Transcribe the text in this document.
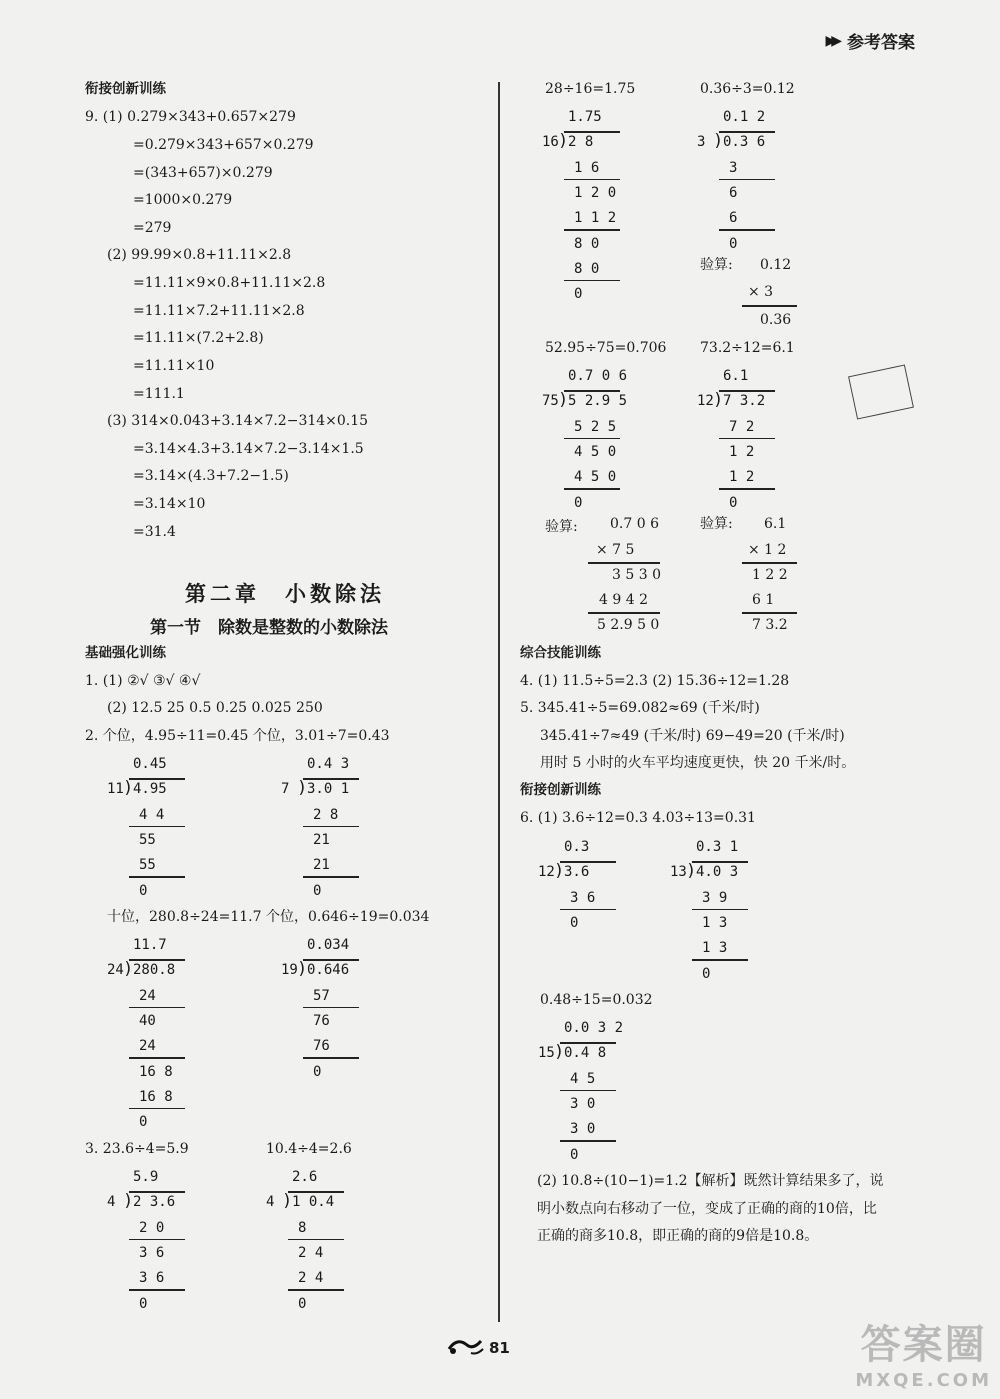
▶▶ 参考答案
衔接创新训练
9. (1) 0.279×343+0.657×279
=0.279×343+657×0.279
=(343+657)×0.279
=1000×0.279
=279
(2) 99.99×0.8+11.11×2.8
=11.11×9×0.8+11.11×2.8
=11.11×7.2+11.11×2.8
=11.11×(7.2+2.8)
=11.11×10
=111.1
(3) 314×0.043+3.14×7.2−314×0.15
=3.14×4.3+3.14×7.2−3.14×1.5
=3.14×(4.3+7.2−1.5)
=3.14×10
=31.4
第二章　小数除法
第一节　除数是整数的小数除法
基础强化训练
1. (1) ②√ ③√ ④√
(2) 12.5 25 0.5 0.25 0.025 250
2. 个位，4.95÷11=0.45 个位，3.01÷7=0.43
0.45
11 ) 4.95
4 4
55
55
0
0.4 3
7 ) 3.0 1
2 8
21
21
0
十位，280.8÷24=11.7 个位，0.646÷19=0.034
11.7
24 ) 280.8
24
40
24
16 8
16 8
0
0.034
19 ) 0.646
57
76
76
0
3. 23.6÷4=5.9	10.4÷4=2.6
5.9
4 ) 2 3.6
2 0
3 6
3 6
0
2.6
4 ) 1 0.4
8
2 4
2 4
0
28÷16=1.75	0.36÷3=0.12
1.75
16 ) 2 8
1 6
1 2 0
1 1 2
8 0
8 0
0
0.1 2
3 ) 0.3 6
3
6
6
0
验算: 0.12
× 3
0.36
52.95÷75=0.706 73.2÷12=6.1
0.7 0 6
75 ) 5 2.9 5
5 2 5
4 5 0
4 5 0
0
6.1
12 ) 7 3.2
7 2
1 2
1 2
0
验算: 0.7 0 6
× 7 5
3 5 3 0
4 9 4 2
5 2.9 5 0
验算: 6.1
× 1 2
1 2 2
6 1
7 3.2
综合技能训练
4. (1) 11.5÷5=2.3 (2) 15.36÷12=1.28
5. 345.41÷5=69.082≈69 (千米/时)
345.41÷7≈49 (千米/时) 69−49=20 (千米/时)
用时 5 小时的火车平均速度更快，快 20 千米/时。
衔接创新训练
6. (1) 3.6÷12=0.3 4.03÷13=0.31
0.3
12 ) 3.6
3 6
0
0.3 1
13 ) 4.0 3
3 9
1 3
1 3
0
0.48÷15=0.032
0.0 3 2
15 ) 0.4 8
4 5
3 0
3 0
0
(2) 10.8÷(10−1)=1.2【解析】既然计算结果多了，说
明小数点向右移动了一位，变成了正确的商的10倍，比
正确的商多10.8，即正确的商的9倍是10.8。
81	答案圈
MXQE.COM
